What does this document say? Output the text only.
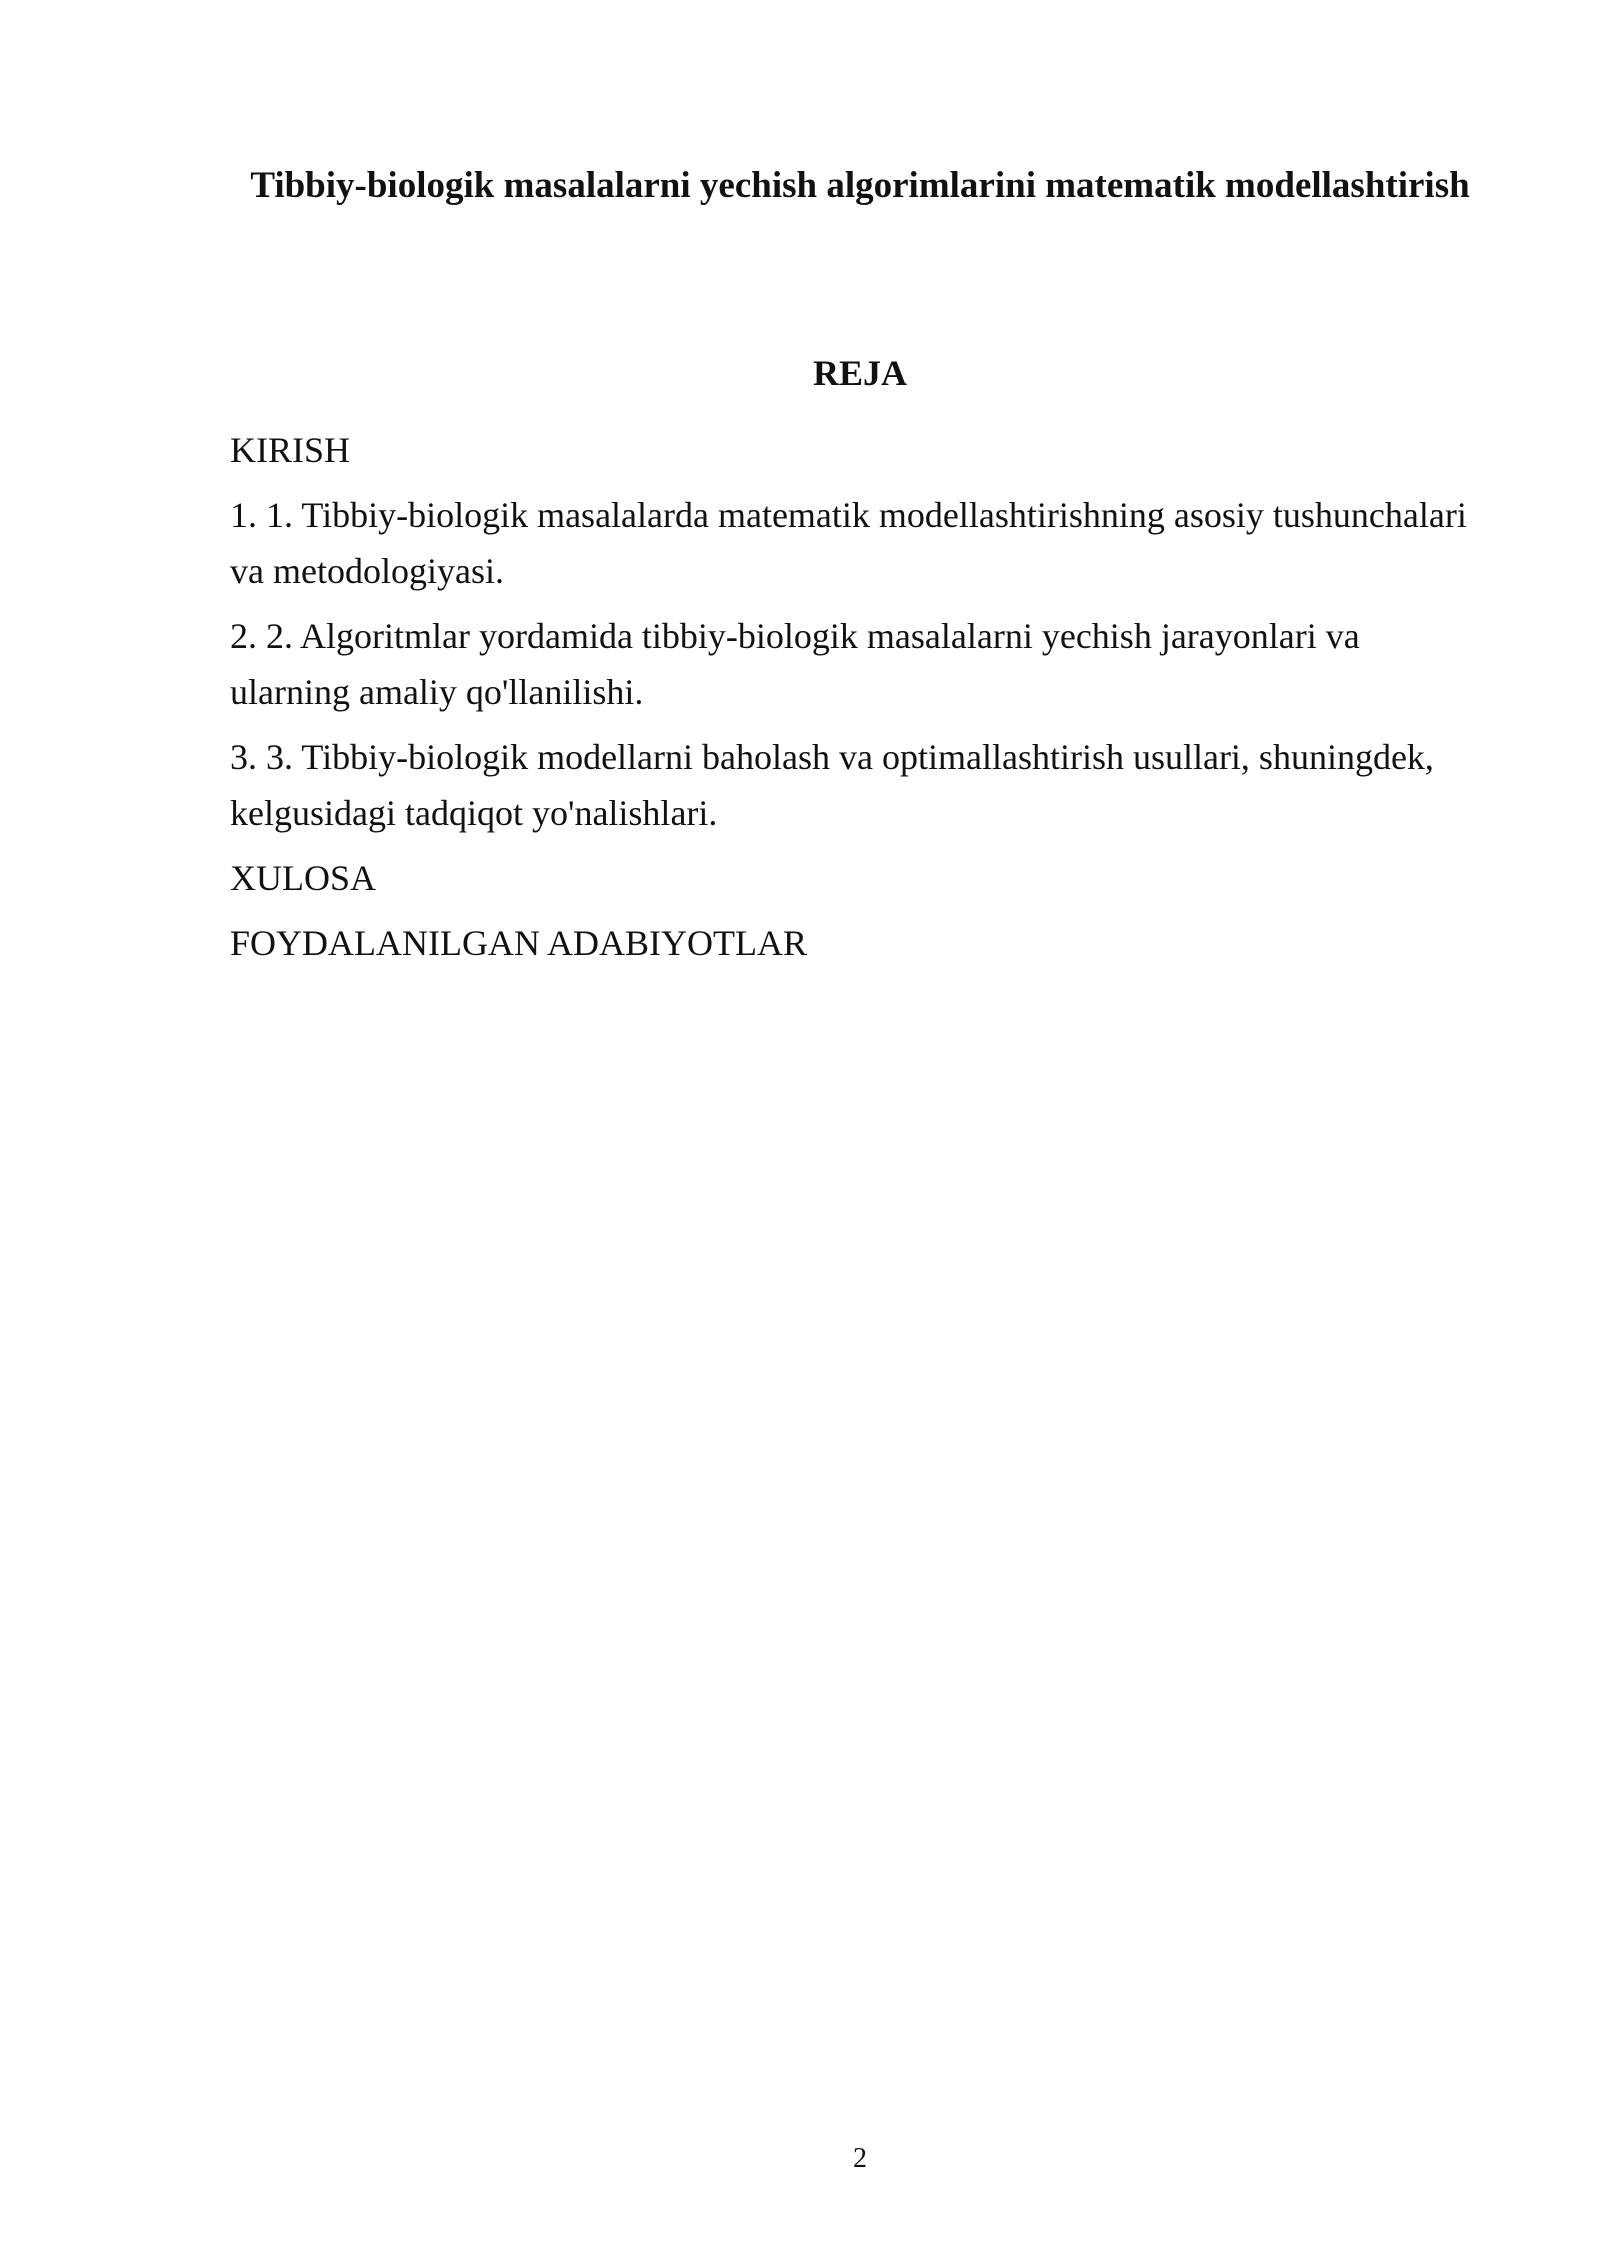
Tibbiy-biologik masalalarni yechish algorimlarini matematik modellashtirish
REJA
KIRISH
1. 1. Tibbiy-biologik masalalarda matematik modellashtirishning asosiy tushunchalari va metodologiyasi.
2. 2. Algoritmlar yordamida tibbiy-biologik masalalarni yechish jarayonlari va ularning amaliy qo'llanilishi.
3. 3. Tibbiy-biologik modellarni baholash va optimallashtirish usullari, shuningdek, kelgusidagi tadqiqot yo'nalishlari.
XULOSA
FOYDALANILGAN ADABIYOTLAR
2
